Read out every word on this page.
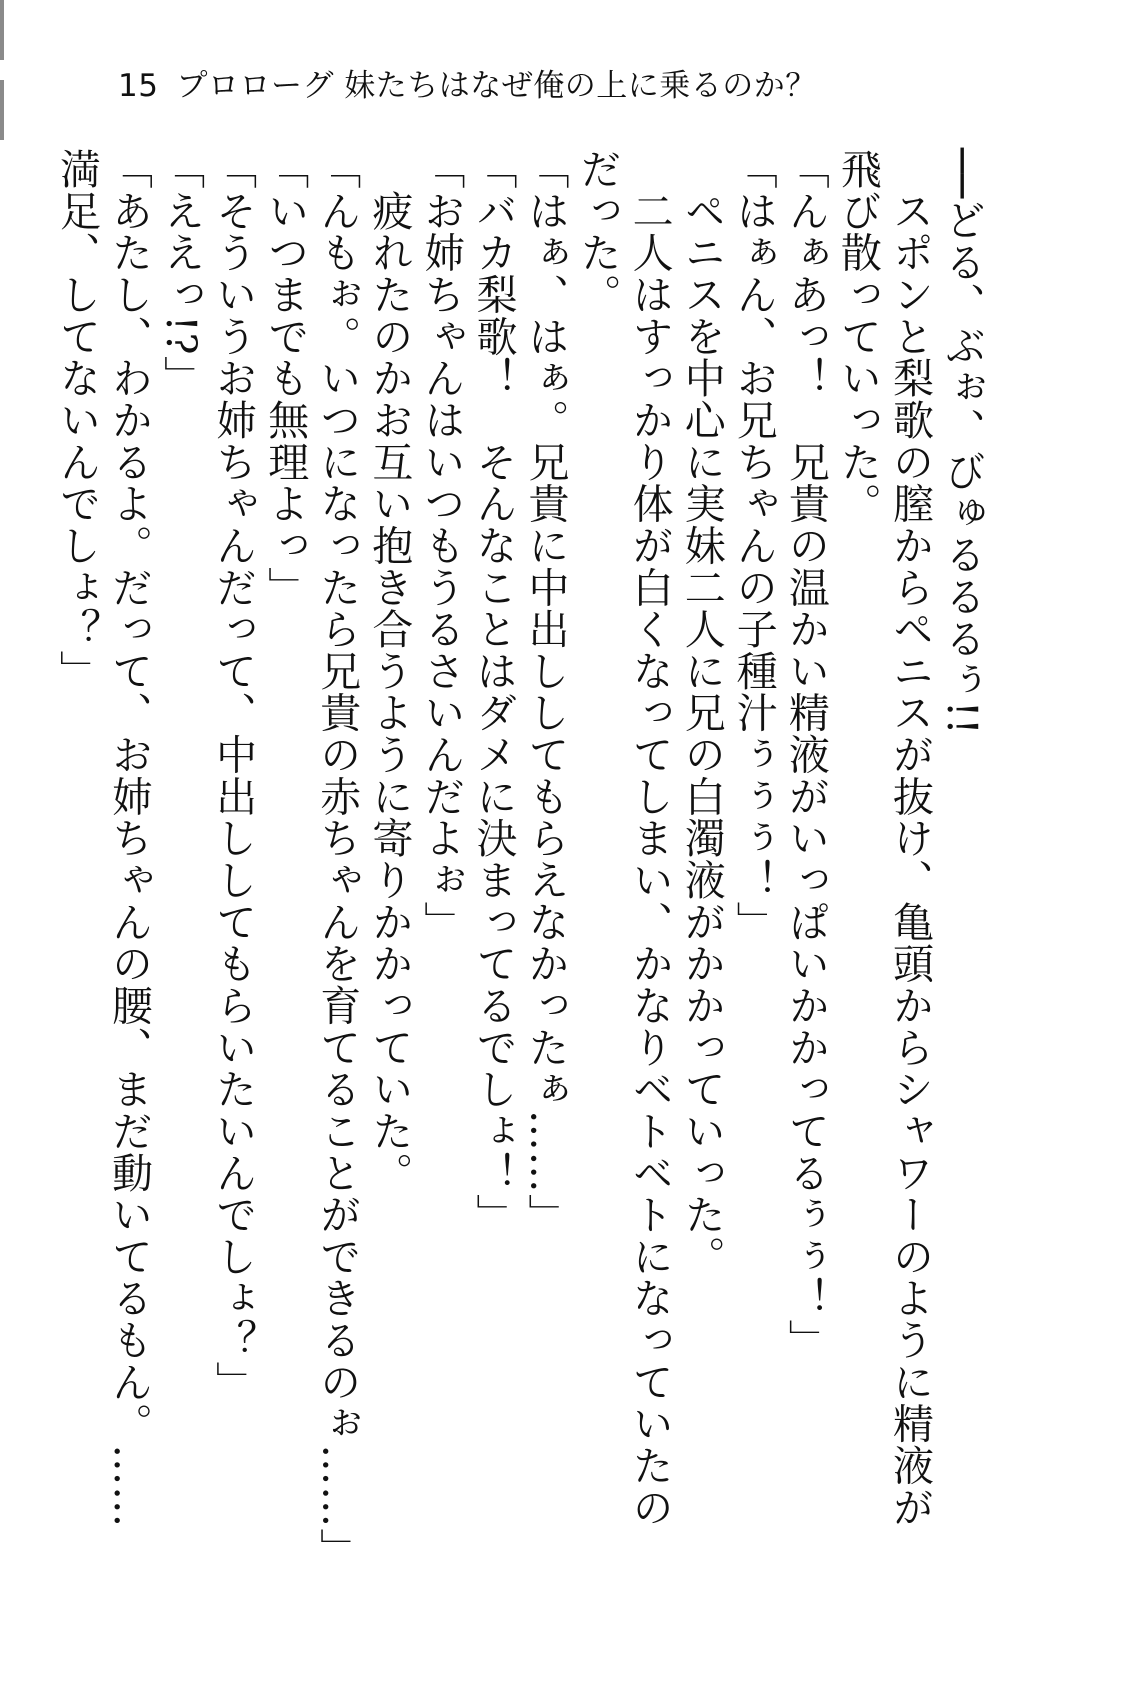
15 プロローグ 妹たちはなぜ俺の上に乗るのか？

──どる、ぶぉ、びゅるるるぅ!!

　スポンと梨歌の膣からペニスが抜け、亀頭からシャワーのように精液が飛び散っていった。

「んぁあっ！　兄貴の温かい精液がいっぱいかかってるぅぅ！」

「はぁん、お兄ちゃんの子種汁ぅぅぅ！」

　ペニスを中心に実妹二人に兄の白濁液がかかっていった。

　二人はすっかり体が白くなってしまい、かなりベトベトになっていたのだった。

「はぁ、はぁ。兄貴に中出ししてもらえなかったぁ……」

「バカ梨歌！　そんなことはダメに決まってるでしょ！」

「お姉ちゃんはいつもうるさいんだよぉ」

　疲れたのかお互い抱き合うように寄りかかっていた。

「んもぉ。いつになったら兄貴の赤ちゃんを育てることができるのぉ……」

「いつまでも無理よっ」

「そういうお姉ちゃんだって、中出ししてもらいたいんでしょ？」

「ええっ!?」

「あたし、わかるよ。だって、お姉ちゃんの腰、まだ動いてるもん。……満足、してないんでしょ？」
